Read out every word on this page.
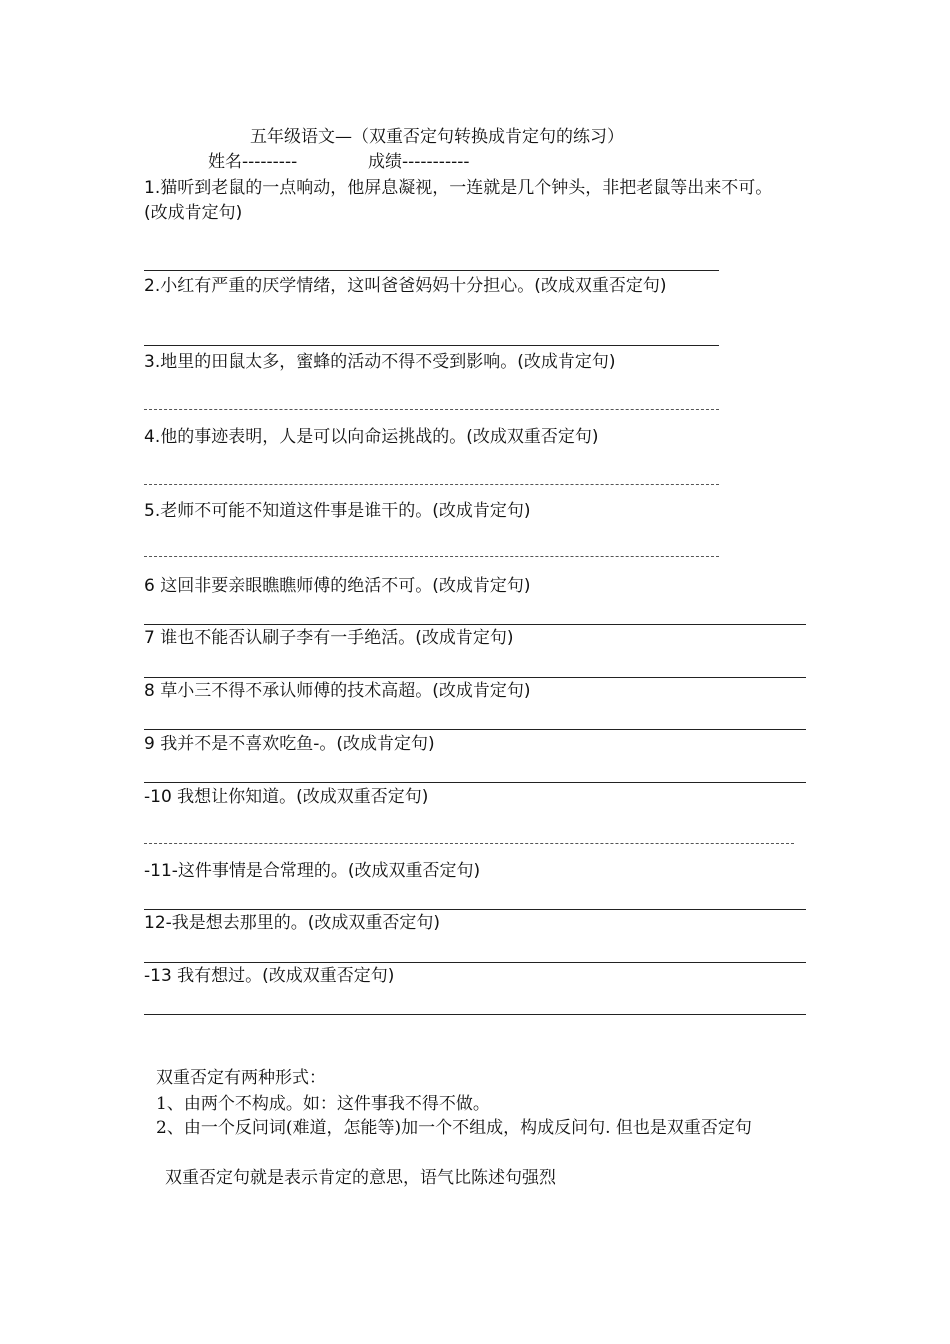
五年级语文—（双重否定句转换成肯定句的练习）
姓名---------	成绩-----------
1.猫听到老鼠的一点响动，他屏息凝视，一连就是几个钟头，非把老鼠等出来不可。
(改成肯定句)
2.小红有严重的厌学情绪，这叫爸爸妈妈十分担心。(改成双重否定句)
3.地里的田鼠太多，蜜蜂的活动不得不受到影响。(改成肯定句)
4.他的事迹表明，人是可以向命运挑战的。(改成双重否定句)
5.老师不可能不知道这件事是谁干的。(改成肯定句)
6 这回非要亲眼瞧瞧师傅的绝活不可。(改成肯定句)
7 谁也不能否认刷子李有一手绝活。(改成肯定句)
8 草小三不得不承认师傅的技术高超。(改成肯定句)
9 我并不是不喜欢吃鱼-。(改成肯定句)
-10 我想让你知道。(改成双重否定句)
-11-这件事情是合常理的。(改成双重否定句)
12-我是想去那里的。(改成双重否定句)
-13 我有想过。(改成双重否定句)
双重否定有两种形式：
1、由两个不构成。如：这件事我不得不做。
2、由一个反问词(难道，怎能等)加一个不组成，构成反问句. 但也是双重否定句
双重否定句就是表示肯定的意思，语气比陈述句强烈
